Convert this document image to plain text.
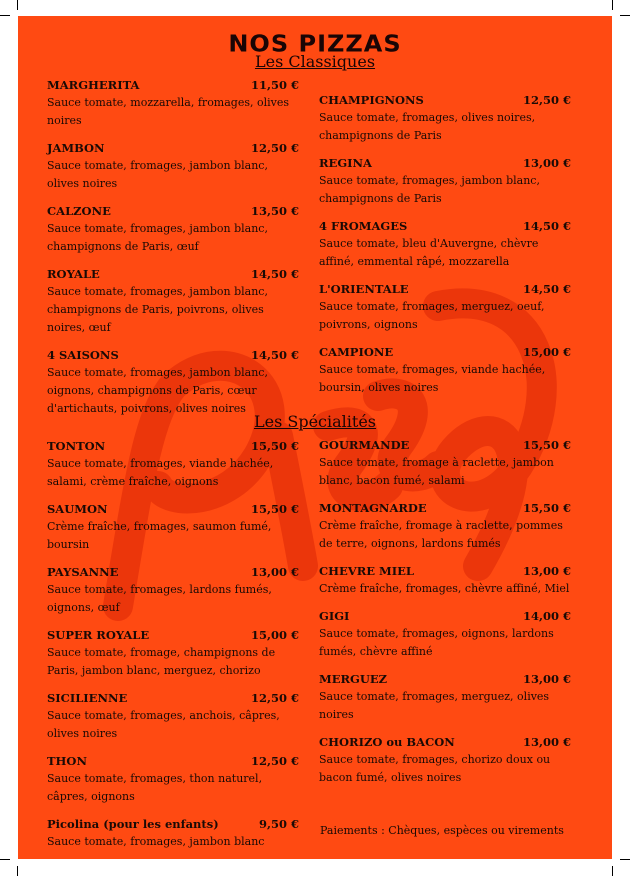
NOS PIZZAS
Les Classiques
MARGHERITA	11,50 €
Sauce tomate, mozzarella, fromages, olives noires
JAMBON	12,50 €
Sauce tomate, fromages, jambon blanc, olives noires
CALZONE	13,50 €
Sauce tomate, fromages, jambon blanc, champignons de Paris, œuf
ROYALE	14,50 €
Sauce tomate, fromages, jambon blanc, champignons de Paris, poivrons, olives noires, œuf
4 SAISONS	14,50 €
Sauce tomate, fromages, jambon blanc, oignons, champignons de Paris, cœur d'artichauts, poivrons, olives noires
CHAMPIGNONS	12,50 €
Sauce tomate, fromages, olives noires, champignons de Paris
REGINA	13,00 €
Sauce tomate, fromages, jambon blanc, champignons de Paris
4 FROMAGES	14,50 €
Sauce tomate, bleu d'Auvergne, chèvre affiné, emmental râpé, mozzarella
L'ORIENTALE	14,50 €
Sauce tomate, fromages, merguez, oeuf, poivrons, oignons
CAMPIONE	15,00 €
Sauce tomate, fromages, viande hachée, boursin, olives noires
Les Spécialités
TONTON	15,50 €
Sauce tomate, fromages, viande hachée, salami, crème fraîche, oignons
SAUMON	15,50 €
Crème fraîche, fromages, saumon fumé, boursin
PAYSANNE	13,00 €
Sauce tomate, fromages, lardons fumés, oignons, œuf
SUPER ROYALE	15,00 €
Sauce tomate, fromage, champignons de Paris, jambon blanc, merguez, chorizo
SICILIENNE	12,50 €
Sauce tomate, fromages, anchois, câpres, olives noires
THON	12,50 €
Sauce tomate, fromages, thon naturel, câpres, oignons
Picolina (pour les enfants)	9,50 €
Sauce tomate, fromages, jambon blanc
GOURMANDE	15,50 €
Sauce tomate, fromage à raclette, jambon blanc, bacon fumé, salami
MONTAGNARDE	15,50 €
Crème fraîche, fromage à raclette, pommes de terre, oignons, lardons fumés
CHEVRE MIEL	13,00 €
Crème fraîche, fromages, chèvre affiné, Miel
GIGI	14,00 €
Sauce tomate, fromages, oignons, lardons fumés, chèvre affiné
MERGUEZ	13,00 €
Sauce tomate, fromages, merguez, olives noires
CHORIZO ou BACON	13,00 €
Sauce tomate, fromages, chorizo doux ou bacon fumé, olives noires
Paiements : Chèques, espèces ou virements
